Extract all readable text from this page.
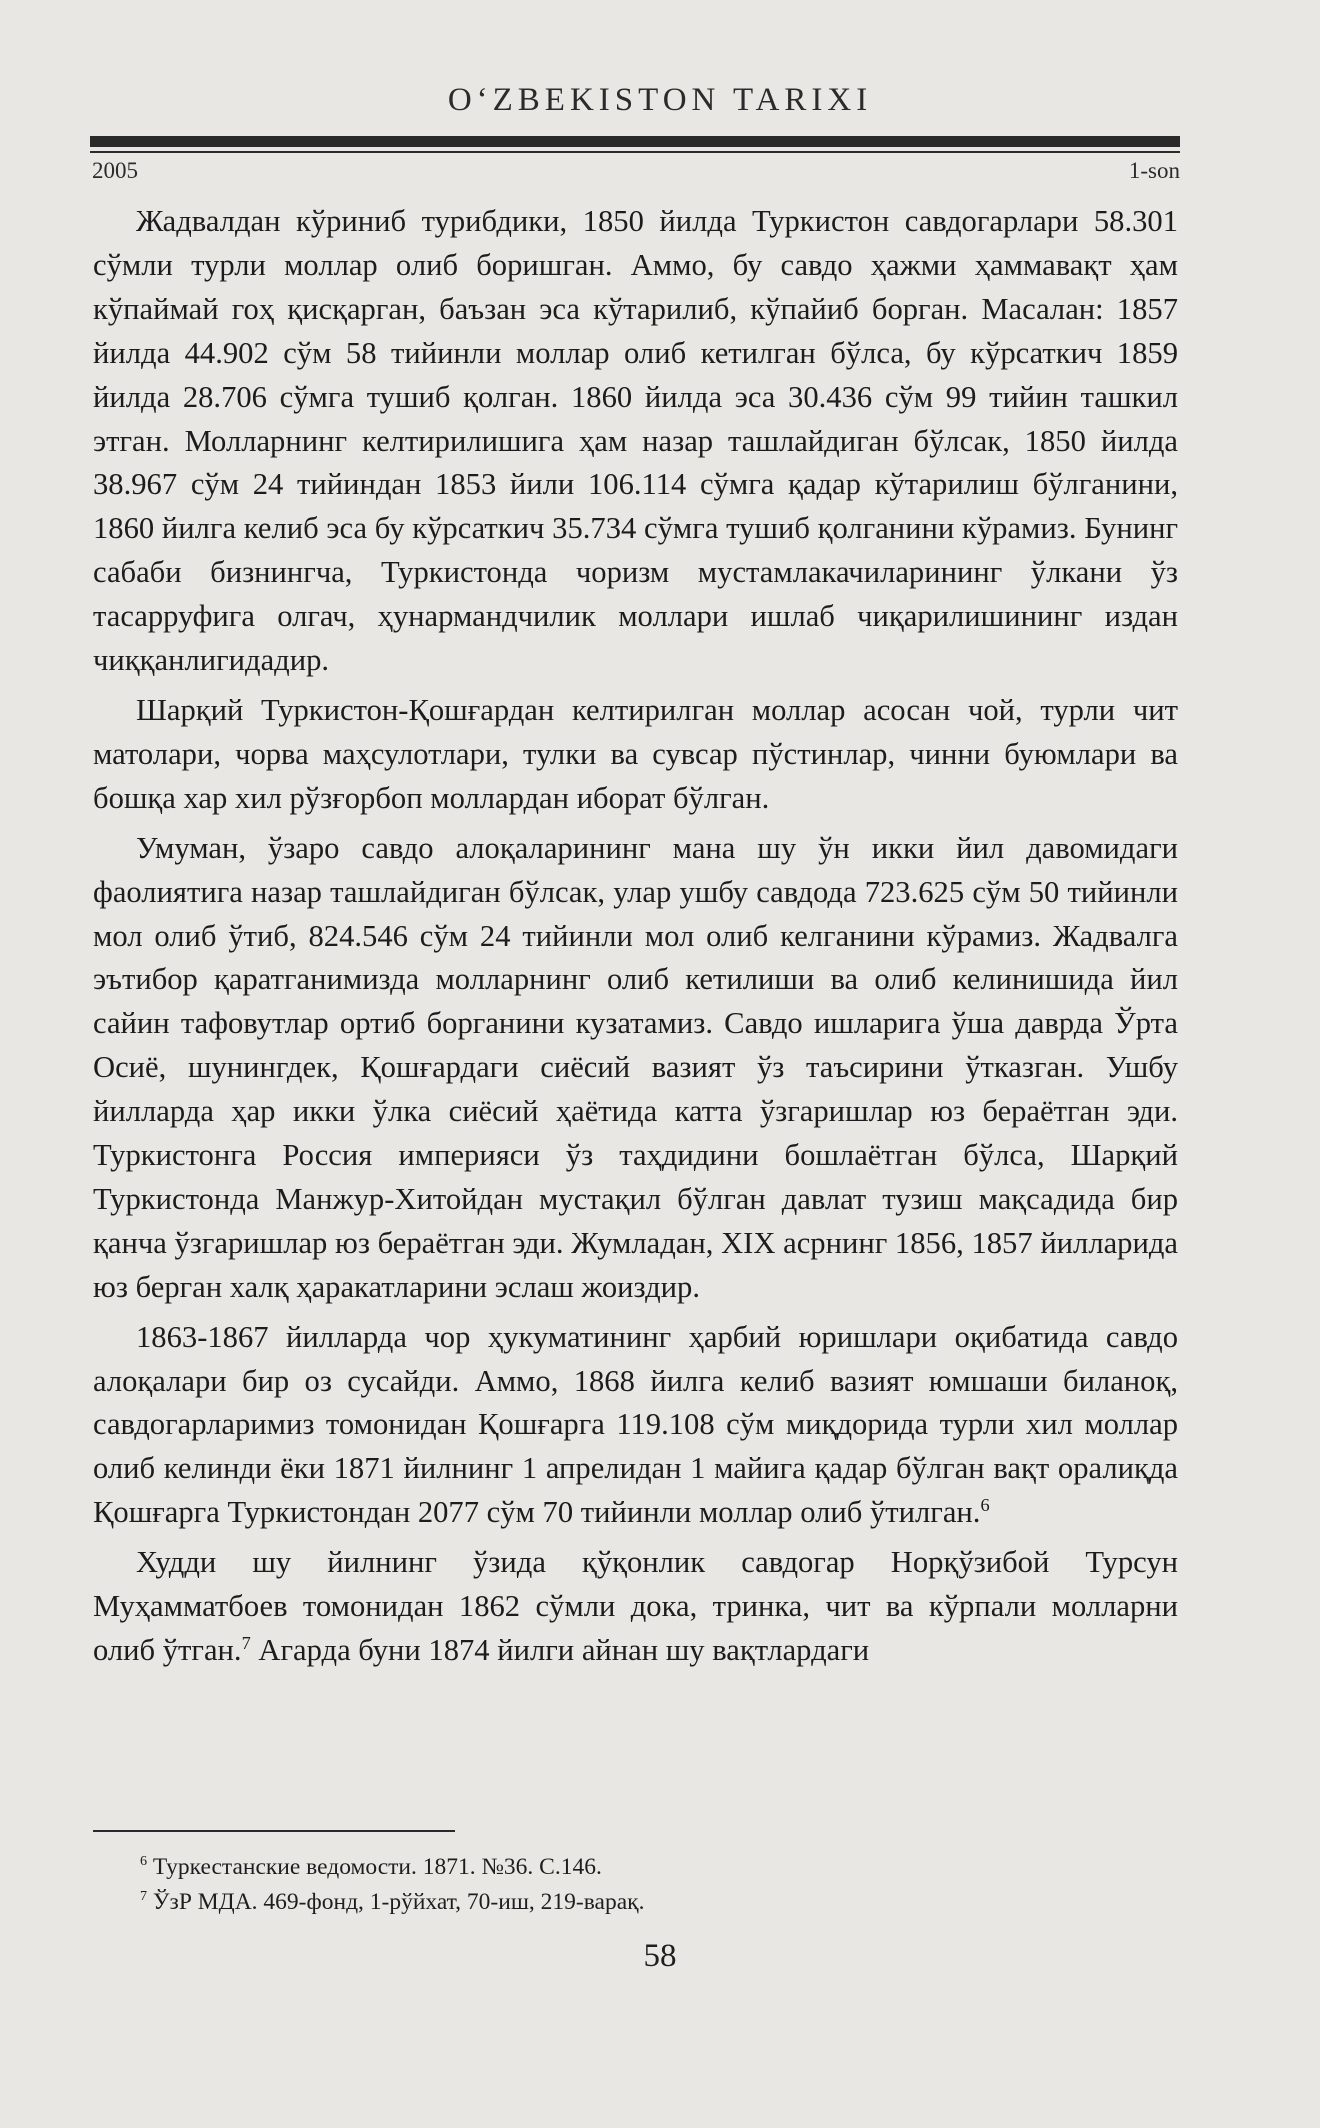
O‘ZBEKISTON TARIXI
2005	1-son

Жадвалдан кўриниб турибдики, 1850 йилда Туркистон савдогарлари 58.301 сўмли турли моллар олиб боришган. Аммо, бу савдо ҳажми ҳаммавақт ҳам кўпаймай гоҳ қисқарган, баъзан эса кўтарилиб, кўпайиб борган. Масалан: 1857 йилда 44.902 сўм 58 тийинли моллар олиб кетилган бўлса, бу кўрсаткич 1859 йилда 28.706 сўмга тушиб қолган. 1860 йилда эса 30.436 сўм 99 тийин ташкил этган. Молларнинг келтирилишига ҳам назар ташлайдиган бўлсак, 1850 йилда 38.967 сўм 24 тийиндан 1853 йили 106.114 сўмга қадар кўтарилиш бўлганини, 1860 йилга келиб эса бу кўрсаткич 35.734 сўмга тушиб қолганини кўрамиз. Бунинг сабаби бизнингча, Туркистонда чоризм мустамлакачиларининг ўлкани ўз тасарруфига олгач, ҳунармандчилик моллари ишлаб чиқарилишининг издан чиққанлигидадир.

Шарқий Туркистон-Қошғардан келтирилган моллар асосан чой, турли чит матолари, чорва маҳсулотлари, тулки ва сувсар пўстинлар, чинни буюмлари ва бошқа хар хил рўзғорбоп моллардан иборат бўлган.

Умуман, ўзаро савдо алоқаларининг мана шу ўн икки йил давомидаги фаолиятига назар ташлайдиган бўлсак, улар ушбу савдода 723.625 сўм 50 тийинли мол олиб ўтиб, 824.546 сўм 24 тийинли мол олиб келганини кўрамиз. Жадвалга эътибор қаратганимизда молларнинг олиб кетилиши ва олиб келинишида йил сайин тафовутлар ортиб борганини кузатамиз. Савдо ишларига ўша даврда Ўрта Осиё, шунингдек, Қошғардаги сиёсий вазият ўз таъсирини ўтказган. Ушбу йилларда ҳар икки ўлка сиёсий ҳаётида катта ўзгаришлар юз бераётган эди. Туркистонга Россия империяси ўз таҳдидини бошлаётган бўлса, Шарқий Туркистонда Манжур-Хитойдан мустақил бўлган давлат тузиш мақсадида бир қанча ўзгаришлар юз бераётган эди. Жумладан, XIX асрнинг 1856, 1857 йилларида юз берган халқ ҳаракатларини эслаш жоиздир.

1863-1867 йилларда чор ҳукуматининг ҳарбий юришлари оқибатида савдо алоқалари бир оз сусайди. Аммо, 1868 йилга келиб вазият юмшаши биланоқ, савдогарларимиз томонидан Қошғарга 119.108 сўм миқдорида турли хил моллар олиб келинди ёки 1871 йилнинг 1 апрелидан 1 майига қадар бўлган вақт оралиқда Қошғарга Туркистондан 2077 сўм 70 тийинли моллар олиб ўтилган.$^6$

Худди шу йилнинг ўзида қўқонлик савдогар Норқўзибой Турсун Муҳамматбоев томонидан 1862 сўмли дока, тринка, чит ва кўрпали молларни олиб ўтган.$^7$ Агарда буни 1874 йилги айнан шу вақтлардаги

$^6$ Туркестанские ведомости. 1871. №36. С.146.
$^7$ ЎзР МДА. 469-фонд, 1-рўйхат, 70-иш, 219-варақ.
58
